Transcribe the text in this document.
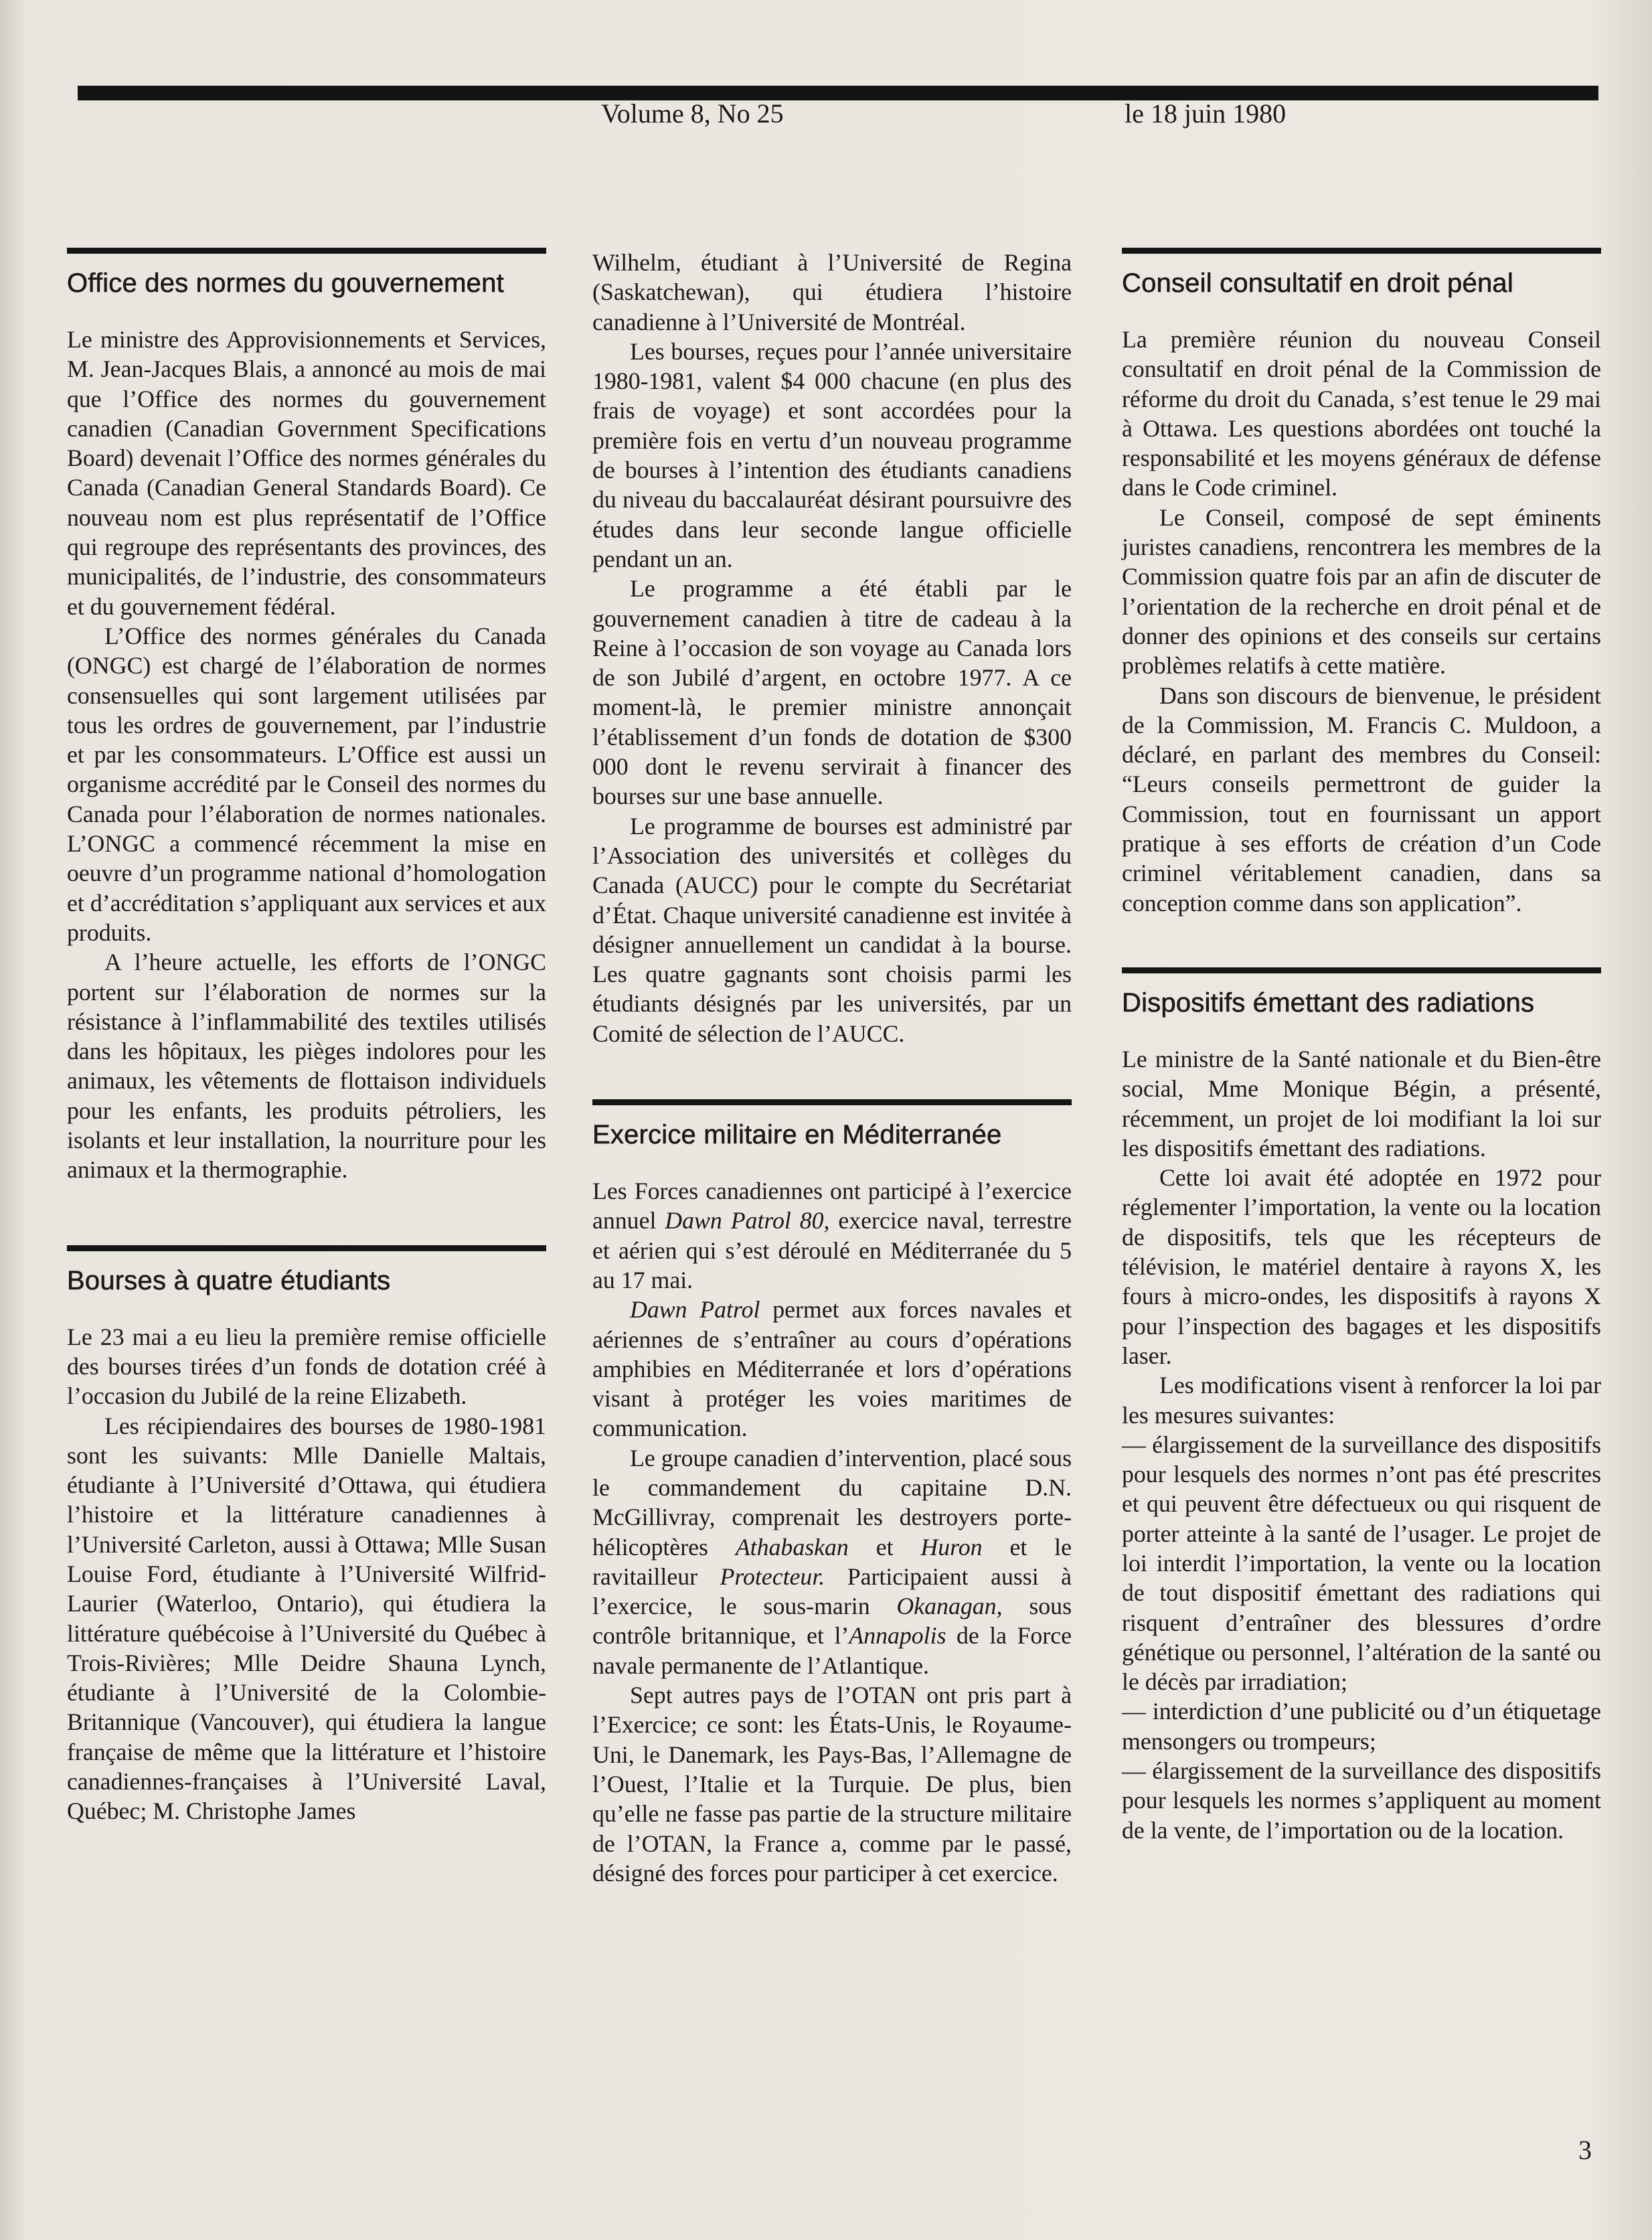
Volume 8, No 25	le 18 juin 1980
Office des normes du gouvernement

Le ministre des Approvisionnements et Services, M. Jean-Jacques Blais, a annoncé au mois de mai que l’Office des normes du gouvernement canadien (Canadian Government Specifications Board) devenait l’Office des normes générales du Canada (Canadian General Standards Board). Ce nouveau nom est plus représentatif de l’Office qui regroupe des représentants des provinces, des municipalités, de l’industrie, des consommateurs et du gouvernement fédéral.

L’Office des normes générales du Canada (ONGC) est chargé de l’élaboration de normes consensuelles qui sont largement utilisées par tous les ordres de gouvernement, par l’industrie et par les consommateurs. L’Office est aussi un organisme accrédité par le Conseil des normes du Canada pour l’élaboration de normes nationales. L’ONGC a commencé récemment la mise en oeuvre d’un programme national d’homologation et d’accréditation s’appliquant aux services et aux produits.

A l’heure actuelle, les efforts de l’ONGC portent sur l’élaboration de normes sur la résistance à l’inflammabilité des textiles utilisés dans les hôpitaux, les pièges indolores pour les animaux, les vêtements de flottaison individuels pour les enfants, les produits pétroliers, les isolants et leur installation, la nourriture pour les animaux et la thermographie.

Bourses à quatre étudiants

Le 23 mai a eu lieu la première remise officielle des bourses tirées d’un fonds de dotation créé à l’occasion du Jubilé de la reine Elizabeth.

Les récipiendaires des bourses de 1980-1981 sont les suivants: Mlle Danielle Maltais, étudiante à l’Université d’Ottawa, qui étudiera l’histoire et la littérature canadiennes à l’Université Carleton, aussi à Ottawa; Mlle Susan Louise Ford, étudiante à l’Université Wilfrid-Laurier (Waterloo, Ontario), qui étudiera la littérature québécoise à l’Université du Québec à Trois-Rivières; Mlle Deidre Shauna Lynch, étudiante à l’Université de la Colombie-Britannique (Vancouver), qui étudiera la langue française de même que la littérature et l’histoire canadiennes-françaises à l’Université Laval, Québec; M. Christophe James

Wilhelm, étudiant à l’Université de Regina (Saskatchewan), qui étudiera l’histoire canadienne à l’Université de Montréal.

Les bourses, reçues pour l’année universitaire 1980-1981, valent $4 000 chacune (en plus des frais de voyage) et sont accordées pour la première fois en vertu d’un nouveau programme de bourses à l’intention des étudiants canadiens du niveau du baccalauréat désirant poursuivre des études dans leur seconde langue officielle pendant un an.

Le programme a été établi par le gouvernement canadien à titre de cadeau à la Reine à l’occasion de son voyage au Canada lors de son Jubilé d’argent, en octobre 1977. A ce moment-là, le premier ministre annonçait l’établissement d’un fonds de dotation de $300 000 dont le revenu servirait à financer des bourses sur une base annuelle.

Le programme de bourses est administré par l’Association des universités et collèges du Canada (AUCC) pour le compte du Secrétariat d’État. Chaque université canadienne est invitée à désigner annuellement un candidat à la bourse. Les quatre gagnants sont choisis parmi les étudiants désignés par les universités, par un Comité de sélection de l’AUCC.

Exercice militaire en Méditerranée

Les Forces canadiennes ont participé à l’exercice annuel Dawn Patrol 80, exercice naval, terrestre et aérien qui s’est déroulé en Méditerranée du 5 au 17 mai.

Dawn Patrol permet aux forces navales et aériennes de s’entraîner au cours d’opérations amphibies en Méditerranée et lors d’opérations visant à protéger les voies maritimes de communication.

Le groupe canadien d’intervention, placé sous le commandement du capitaine D.N. McGillivray, comprenait les destroyers porte-hélicoptères Athabaskan et Huron et le ravitailleur Protecteur. Participaient aussi à l’exercice, le sous-marin Okanagan, sous contrôle britannique, et l’Annapolis de la Force navale permanente de l’Atlantique.

Sept autres pays de l’OTAN ont pris part à l’Exercice; ce sont: les États-Unis, le Royaume-Uni, le Danemark, les Pays-Bas, l’Allemagne de l’Ouest, l’Italie et la Turquie. De plus, bien qu’elle ne fasse pas partie de la structure militaire de l’OTAN, la France a, comme par le passé, désigné des forces pour participer à cet exercice.

Conseil consultatif en droit pénal

La première réunion du nouveau Conseil consultatif en droit pénal de la Commission de réforme du droit du Canada, s’est tenue le 29 mai à Ottawa. Les questions abordées ont touché la responsabilité et les moyens généraux de défense dans le Code criminel.

Le Conseil, composé de sept éminents juristes canadiens, rencontrera les membres de la Commission quatre fois par an afin de discuter de l’orientation de la recherche en droit pénal et de donner des opinions et des conseils sur certains problèmes relatifs à cette matière.

Dans son discours de bienvenue, le président de la Commission, M. Francis C. Muldoon, a déclaré, en parlant des membres du Conseil: “Leurs conseils permettront de guider la Commission, tout en fournissant un apport pratique à ses efforts de création d’un Code criminel véritablement canadien, dans sa conception comme dans son application”.

Dispositifs émettant des radiations

Le ministre de la Santé nationale et du Bien-être social, Mme Monique Bégin, a présenté, récemment, un projet de loi modifiant la loi sur les dispositifs émettant des radiations.

Cette loi avait été adoptée en 1972 pour réglementer l’importation, la vente ou la location de dispositifs, tels que les récepteurs de télévision, le matériel dentaire à rayons X, les fours à micro-ondes, les dispositifs à rayons X pour l’inspection des bagages et les dispositifs laser.

Les modifications visent à renforcer la loi par les mesures suivantes:

— élargissement de la surveillance des dispositifs pour lesquels des normes n’ont pas été prescrites et qui peuvent être défectueux ou qui risquent de porter atteinte à la santé de l’usager. Le projet de loi interdit l’importation, la vente ou la location de tout dispositif émettant des radiations qui risquent d’entraîner des blessures d’ordre génétique ou personnel, l’altération de la santé ou le décès par irradiation;

— interdiction d’une publicité ou d’un étiquetage mensongers ou trompeurs;

— élargissement de la surveillance des dispositifs pour lesquels les normes s’appliquent au moment de la vente, de l’importation ou de la location.

3
